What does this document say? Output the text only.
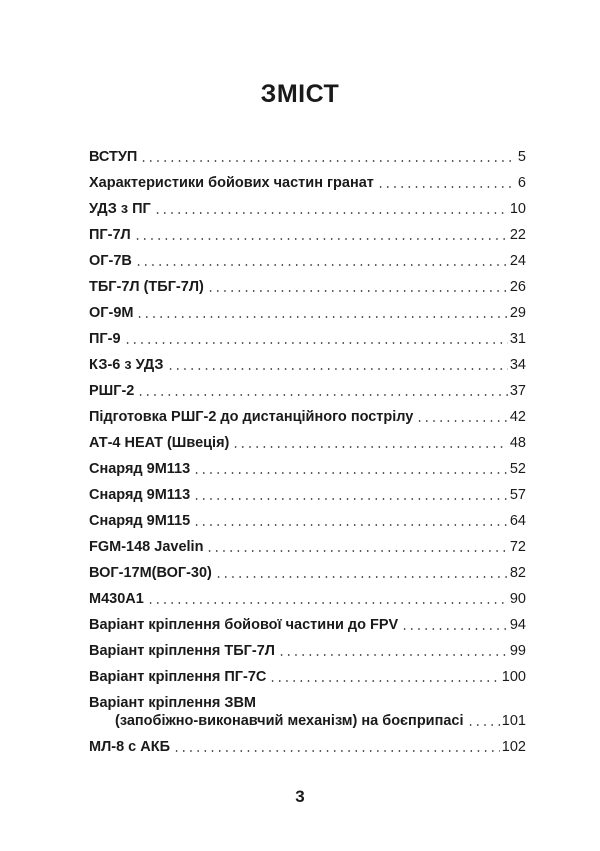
ЗМІСТ
ВСТУП	5
Характеристики бойових частин гранат	6
УДЗ з ПГ	10
ПГ-7Л	22
ОГ-7В	24
ТБГ-7Л (ТБГ-7Л)	26
ОГ-9М	29
ПГ-9	31
КЗ-6 з УДЗ	34
РШГ-2	37
Підготовка РШГ-2 до дистанційного пострілу	42
АТ-4 HEAT (Швеція)	48
Снаряд 9М113	52
Снаряд 9М113	57
Снаряд 9М115	64
FGM-148 Javelin	72
ВОГ-17М(ВОГ-30)	82
М430А1	90
Варіант кріплення бойової частини до FPV	94
Варіант кріплення ТБГ-7Л	99
Варіант кріплення ПГ-7С	100
Варіант кріплення ЗВМ
(запобіжно-виконавчий механізм) на боєприпасі	101
МЛ-8 с АКБ	102
3
